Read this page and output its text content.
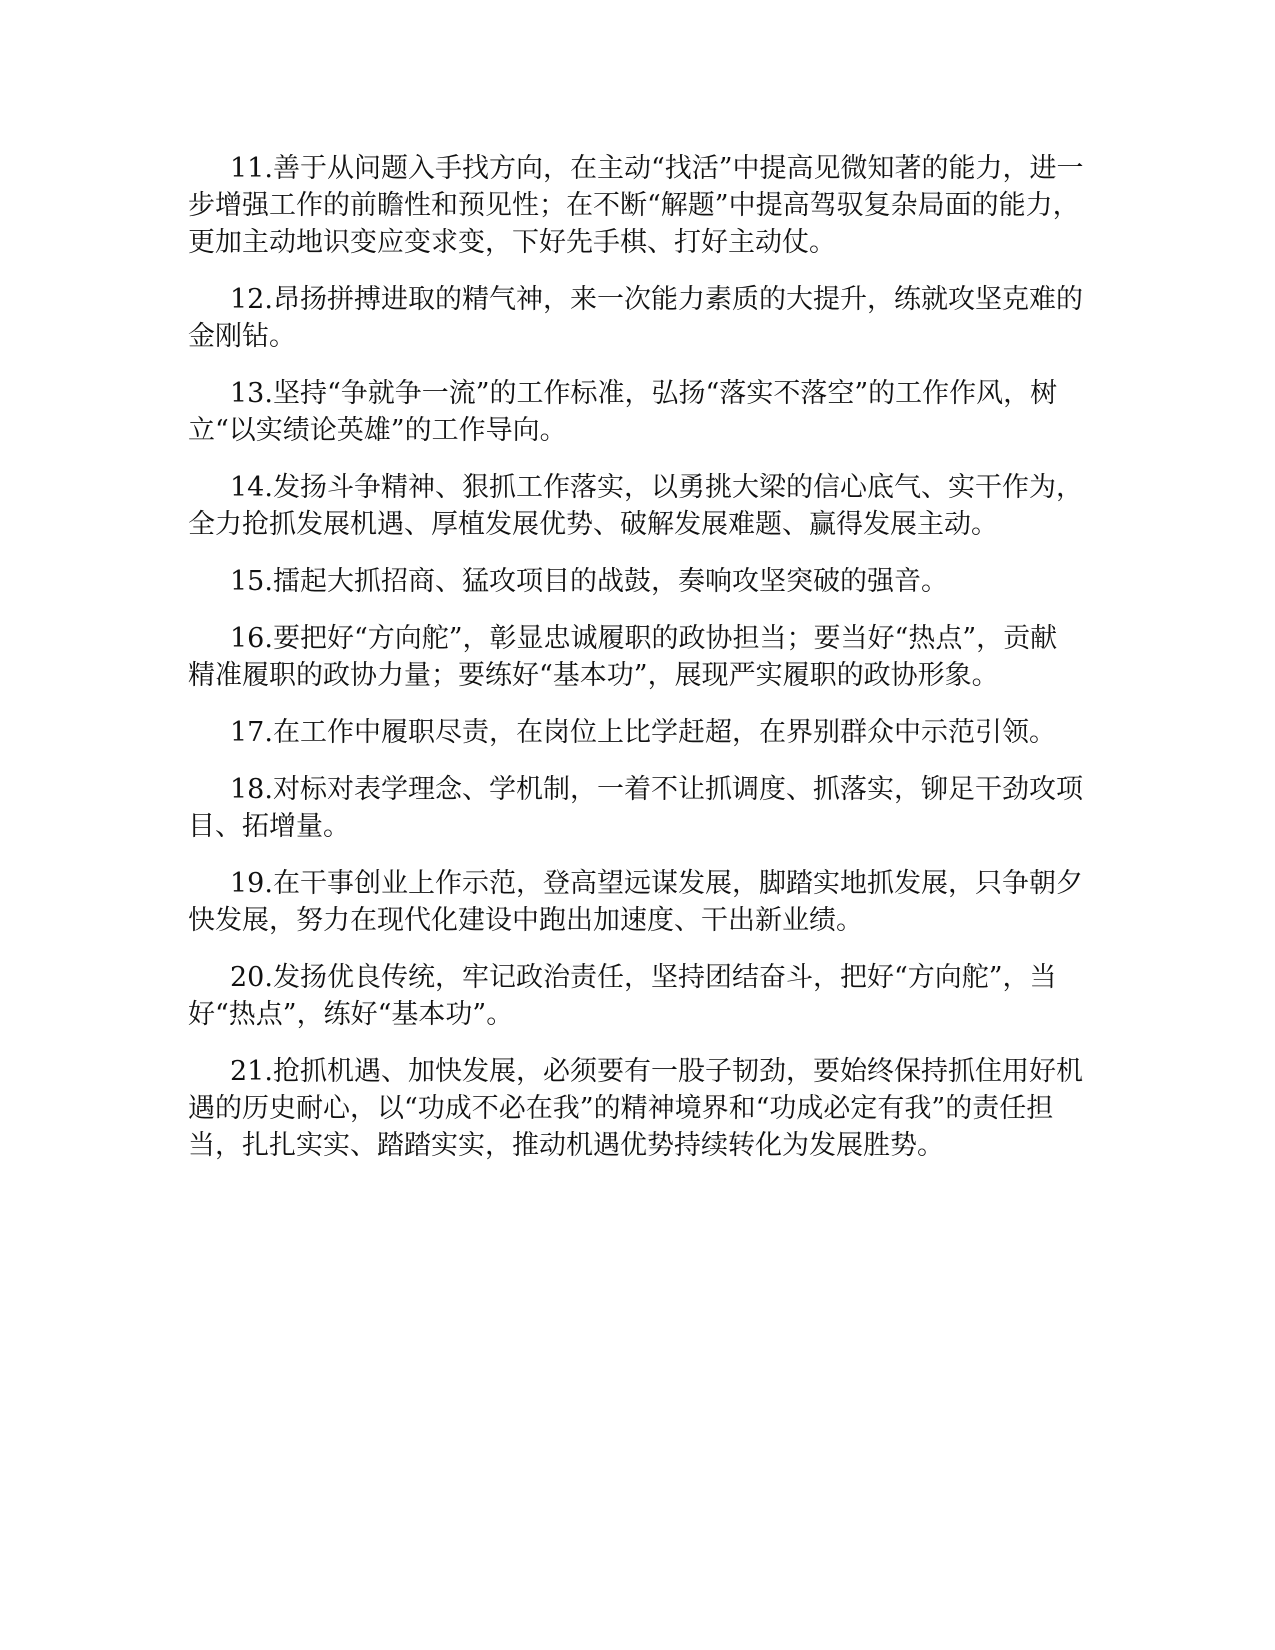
11.善于从问题入手找方向，在主动“找活”中提高见微知著的能力，进一步增强工作的前瞻性和预见性；在不断“解题”中提高驾驭复杂局面的能力，更加主动地识变应变求变，下好先手棋、打好主动仗。

12.昂扬拼搏进取的精气神，来一次能力素质的大提升，练就攻坚克难的金刚钻。

13.坚持“争就争一流”的工作标准，弘扬“落实不落空”的工作作风，树立“以实绩论英雄”的工作导向。

14.发扬斗争精神、狠抓工作落实，以勇挑大梁的信心底气、实干作为，全力抢抓发展机遇、厚植发展优势、破解发展难题、赢得发展主动。

15.擂起大抓招商、猛攻项目的战鼓，奏响攻坚突破的强音。

16.要把好“方向舵”，彰显忠诚履职的政协担当；要当好“热点”，贡献精准履职的政协力量；要练好“基本功”，展现严实履职的政协形象。

17.在工作中履职尽责，在岗位上比学赶超，在界别群众中示范引领。

18.对标对表学理念、学机制，一着不让抓调度、抓落实，铆足干劲攻项目、拓增量。

19.在干事创业上作示范，登高望远谋发展，脚踏实地抓发展，只争朝夕快发展，努力在现代化建设中跑出加速度、干出新业绩。

20.发扬优良传统，牢记政治责任，坚持团结奋斗，把好“方向舵”，当好“热点”，练好“基本功”。

21.抢抓机遇、加快发展，必须要有一股子韧劲，要始终保持抓住用好机遇的历史耐心，以“功成不必在我”的精神境界和“功成必定有我”的责任担当，扎扎实实、踏踏实实，推动机遇优势持续转化为发展胜势。
